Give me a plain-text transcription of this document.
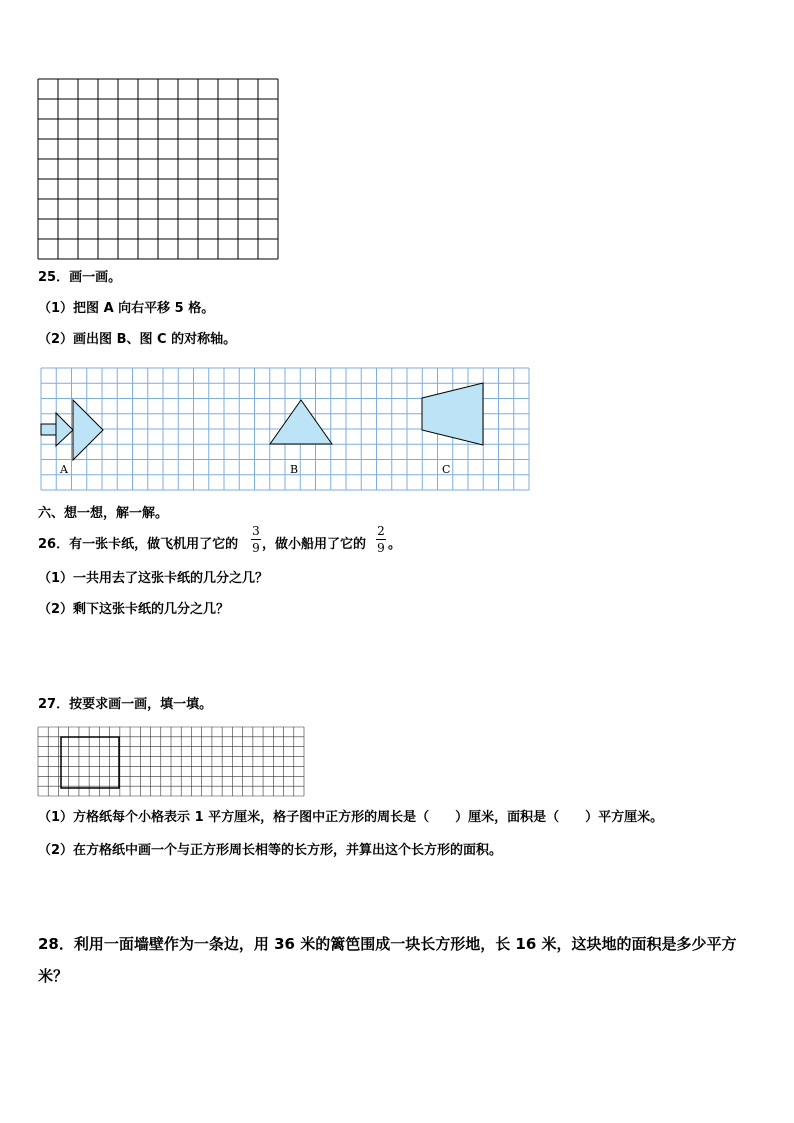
25．画一画。
（1）把图 A 向右平移 5 格。
（2）画出图 B、图 C 的对称轴。
A	B	C
六、想一想，解一解。
26．有一张卡纸，做飞机用了它的
3
9 ，做小船用了它的
2
9 。
（1）一共用去了这张卡纸的几分之几？
（2）剩下这张卡纸的几分之几？
27．按要求画一画，填一填。
（1）方格纸每个小格表示 1 平方厘米，格子图中正方形的周长是（　　）厘米，面积是（　　）平方厘米。
（2）在方格纸中画一个与正方形周长相等的长方形，并算出这个长方形的面积。
28．利用一面墙壁作为一条边，用 36 米的篱笆围成一块长方形地，长 16 米，这块地的面积是多少平方
米？
